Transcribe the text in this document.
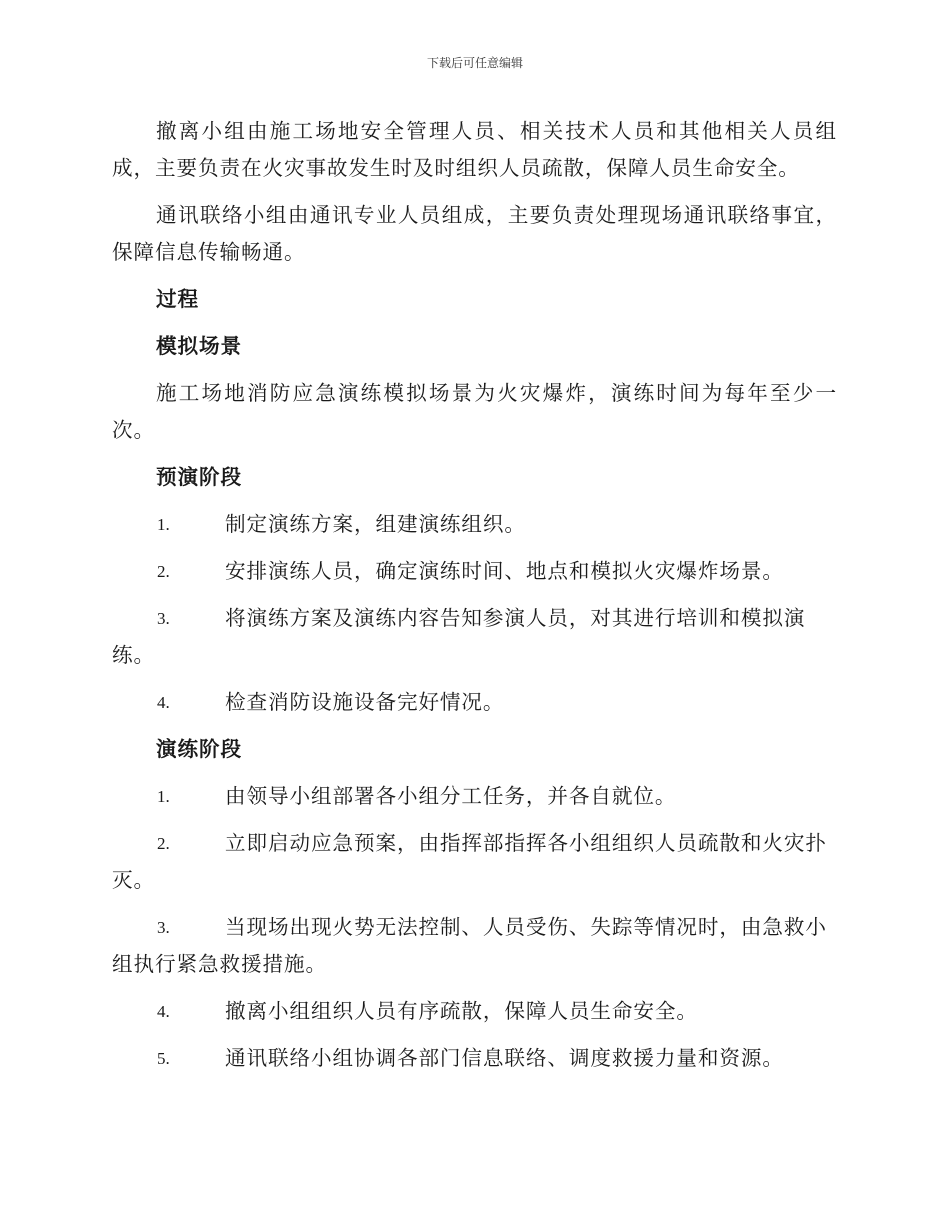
下载后可任意编辑

撤离小组由施工场地安全管理人员、相关技术人员和其他相关人员组成，主要负责在火灾事故发生时及时组织人员疏散，保障人员生命安全。

通讯联络小组由通讯专业人员组成，主要负责处理现场通讯联络事宜，保障信息传输畅通。

过程
模拟场景

施工场地消防应急演练模拟场景为火灾爆炸，演练时间为每年至少一次。

预演阶段
1.	制定演练方案，组建演练组织。
2.	安排演练人员，确定演练时间、地点和模拟火灾爆炸场景。
3.	将演练方案及演练内容告知参演人员，对其进行培训和模拟演练。
4.	检查消防设施设备完好情况。
演练阶段
1.	由领导小组部署各小组分工任务，并各自就位。
2.	立即启动应急预案，由指挥部指挥各小组组织人员疏散和火灾扑灭。
3.	当现场出现火势无法控制、人员受伤、失踪等情况时，由急救小组执行紧急救援措施。
4.	撤离小组组织人员有序疏散，保障人员生命安全。
5.	通讯联络小组协调各部门信息联络、调度救援力量和资源。
